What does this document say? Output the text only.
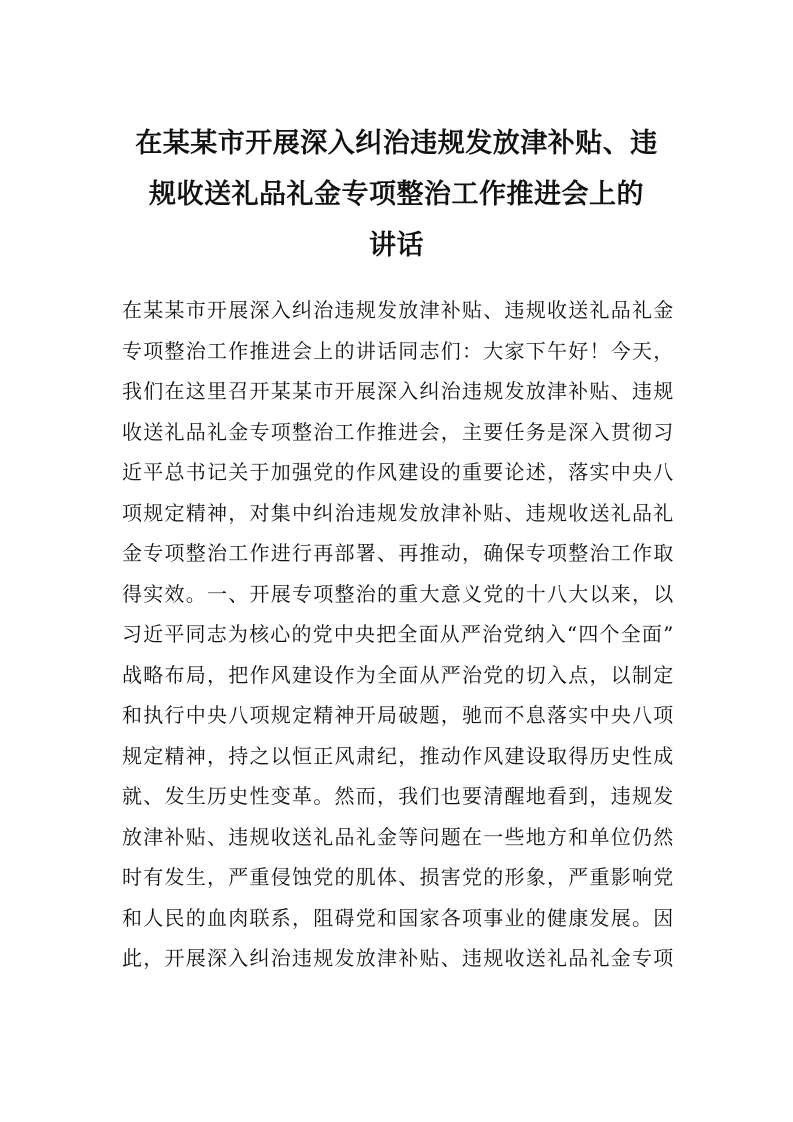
在某某市开展深入纠治违规发放津补贴、违
规收送礼品礼金专项整治工作推进会上的
讲话
在某某市开展深入纠治违规发放津补贴、违规收送礼品礼金
专项整治工作推进会上的讲话同志们：大家下午好！今天，
我们在这里召开某某市开展深入纠治违规发放津补贴、违规
收送礼品礼金专项整治工作推进会，主要任务是深入贯彻习
近平总书记关于加强党的作风建设的重要论述，落实中央八
项规定精神，对集中纠治违规发放津补贴、违规收送礼品礼
金专项整治工作进行再部署、再推动，确保专项整治工作取
得实效。一、开展专项整治的重大意义党的十八大以来，以
习近平同志为核心的党中央把全面从严治党纳入“四个全面”
战略布局，把作风建设作为全面从严治党的切入点，以制定
和执行中央八项规定精神开局破题，驰而不息落实中央八项
规定精神，持之以恒正风肃纪，推动作风建设取得历史性成
就、发生历史性变革。然而，我们也要清醒地看到，违规发
放津补贴、违规收送礼品礼金等问题在一些地方和单位仍然
时有发生，严重侵蚀党的肌体、损害党的形象，严重影响党
和人民的血肉联系，阻碍党和国家各项事业的健康发展。因
此，开展深入纠治违规发放津补贴、违规收送礼品礼金专项
